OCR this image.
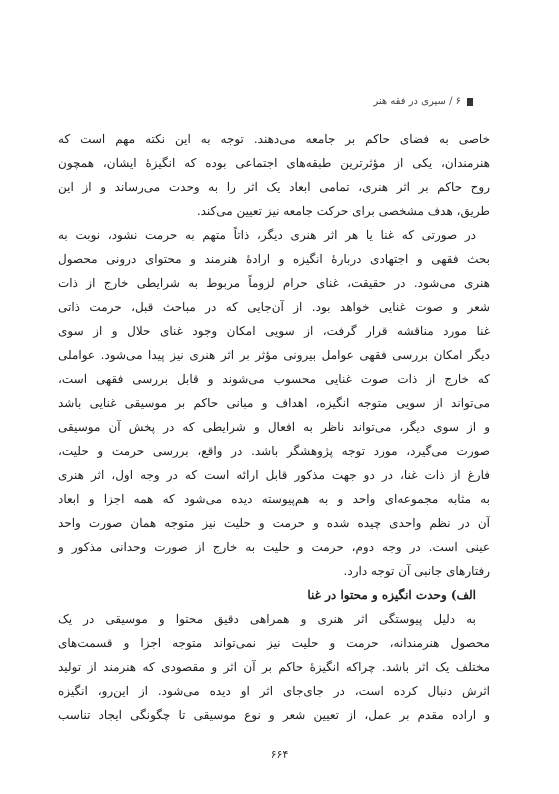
۶ / سیری در فقه هنر
خاصی به فضای حاکم بر جامعه می‌دهند. توجه به این نکته مهم است که
هنرمندان، یکی از مؤثرترین طبقه‌های اجتماعی بوده که انگیزۀ ایشان، همچون
روح حاکم بر اثر هنری، تمامی ابعاد یک اثر را به وحدت می‌رساند و از این
طریق، هدف مشخصی برای حرکت جامعه نیز تعیین می‌کند.
در صورتی که غنا یا هر اثر هنری دیگر، ذاتاً متهم به حرمت نشود، نوبت به
بحث فقهی و اجتهادی دربارۀ انگیزه و ارادۀ هنرمند و محتوای درونی محصول
هنری می‌شود. در حقیقت، غنای حرام لزوماً مربوط به شرایطی خارج از ذات
شعر و صوت غنایی خواهد بود. از آن‌جایی که در مباحث قبل، حرمت ذاتی
غنا مورد مناقشه قرار گرفت، از سویی امکان وجود غنای حلال و از سوی
دیگر امکان بررسی فقهی عوامل بیرونی مؤثر بر اثر هنری نیز پیدا می‌شود. عواملی
که خارج از ذات صوت غنایی محسوب می‌شوند و قابل بررسی فقهی است،
می‌تواند از سویی متوجه انگیزه، اهداف و مبانی حاکم بر موسیقی غنایی باشد
و از سوی دیگر، می‌تواند ناظر به افعال و شرایطی که در پخش آن موسیقی
صورت می‌گیرد، مورد توجه پژوهشگر باشد. در واقع، بررسی حرمت و حلیت،
فارغ از ذات غنا، در دو جهت مذکور قابل ارائه است که در وجه اول، اثر هنری
به مثابه مجموعه‌ای واحد و به هم‌پیوسته دیده می‌شود که همه اجزا و ابعاد
آن در نظم واحدی چیده شده و حرمت و حلیت نیز متوجه همان صورت واحد
عینی است. در وجه دوم، حرمت و حلیت به خارج از صورت وحدانی مذکور و
رفتارهای جانبی آن توجه دارد.
الف) وحدت انگیزه و محتوا در غنا
به دلیل پیوستگی اثر هنری و همراهی دقیق محتوا و موسیقی در یک
محصول هنرمندانه، حرمت و حلیت نیز نمی‌تواند متوجه اجزا و قسمت‌های
مختلف یک اثر باشد. چراکه انگیزۀ حاکم بر آن اثر و مقصودی که هنرمند از تولید
اثرش دنبال کرده است، در جای‌جای اثر او دیده می‌شود. از این‌رو، انگیزه
و اراده مقدم بر عمل، از تعیین شعر و نوع موسیقی تا چگونگی ایجاد تناسب
۶۶۴
